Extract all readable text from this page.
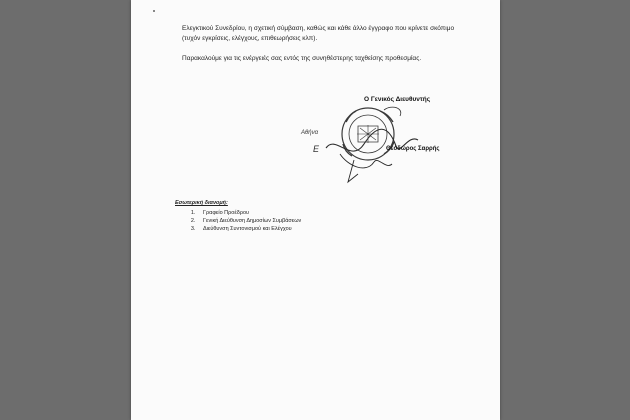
Ελεγκτικού Συνεδρίου, η σχετική σύμβαση, καθώς και κάθε άλλο έγγραφο που κρίνετε σκόπιμο (τυχόν εγκρίσεις, ελέγχους, επιθεωρήσεις κλπ).

Παρακαλούμε για τις ενέργειές σας εντός της συνηθέστερης ταχθείσης προθεσμίας.

Ο Γενικός Διευθυντής
Αθήνα
Ε	Θεόδωρος Σαρρής
Εσωτερική διανομή:
1. Γραφείο Προέδρου
2. Γενική Διεύθυνση Δημοσίων Συμβάσεων
3. Διεύθυνση Συντονισμού και Ελέγχου
